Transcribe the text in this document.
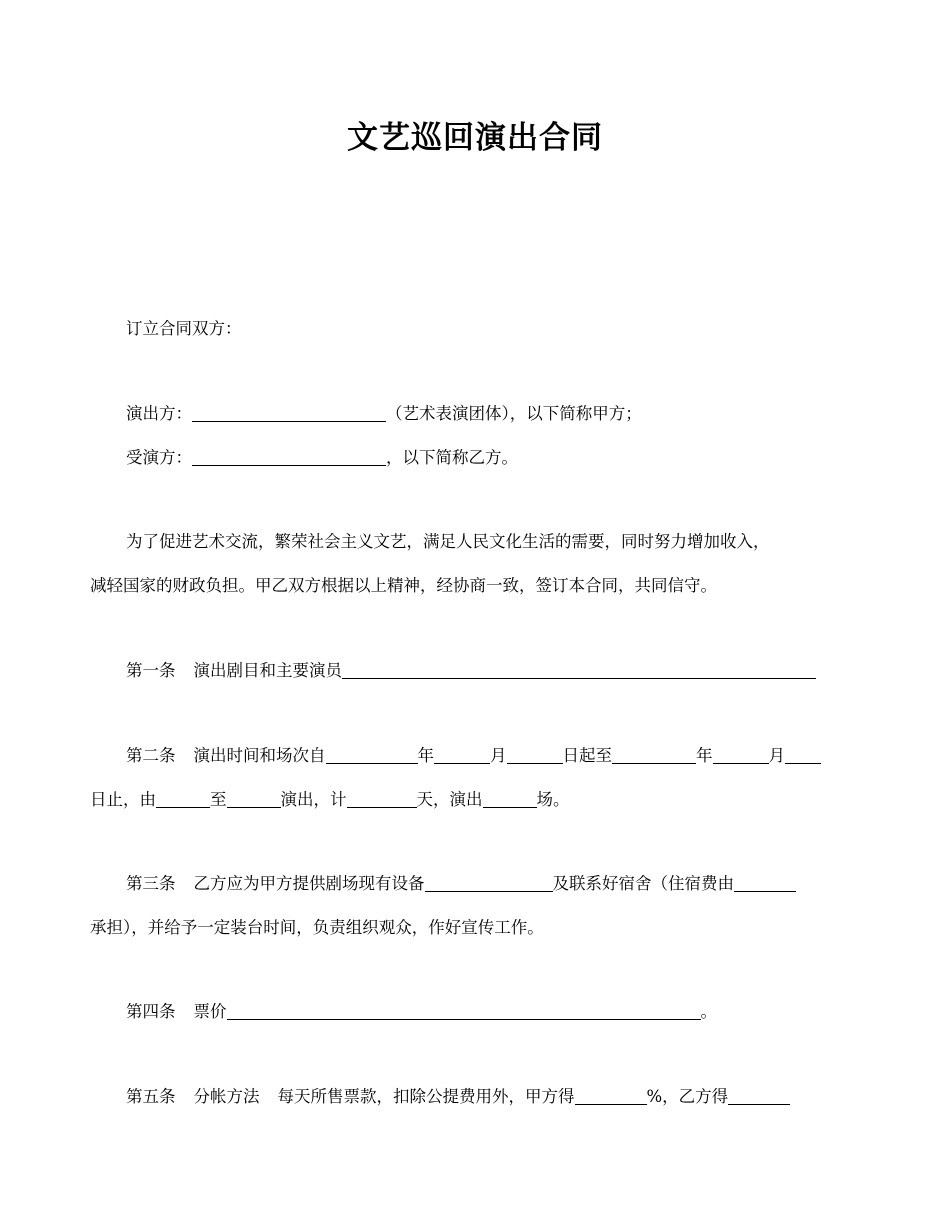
文艺巡回演出合同
订立合同双方：
演出方：	（艺术表演团体），以下简称甲方；
受演方：	，以下简称乙方。
为了促进艺术交流，繁荣社会主义文艺，满足人民文化生活的需要，同时努力增加收入，
减轻国家的财政负担。甲乙双方根据以上精神，经协商一致，签订本合同，共同信守。
第一条 演出剧目和主要演员
第二条 演出时间和场次自	年	月	日起至	年	月
日止，由	至	演出，计	天，演出	场。
第三条 乙方应为甲方提供剧场现有设备	及联系好宿舍（住宿费由
承担），并给予一定装台时间，负责组织观众，作好宣传工作。
第四条 票价	。
第五条 分帐方法 每天所售票款，扣除公提费用外，甲方得	%，乙方得
